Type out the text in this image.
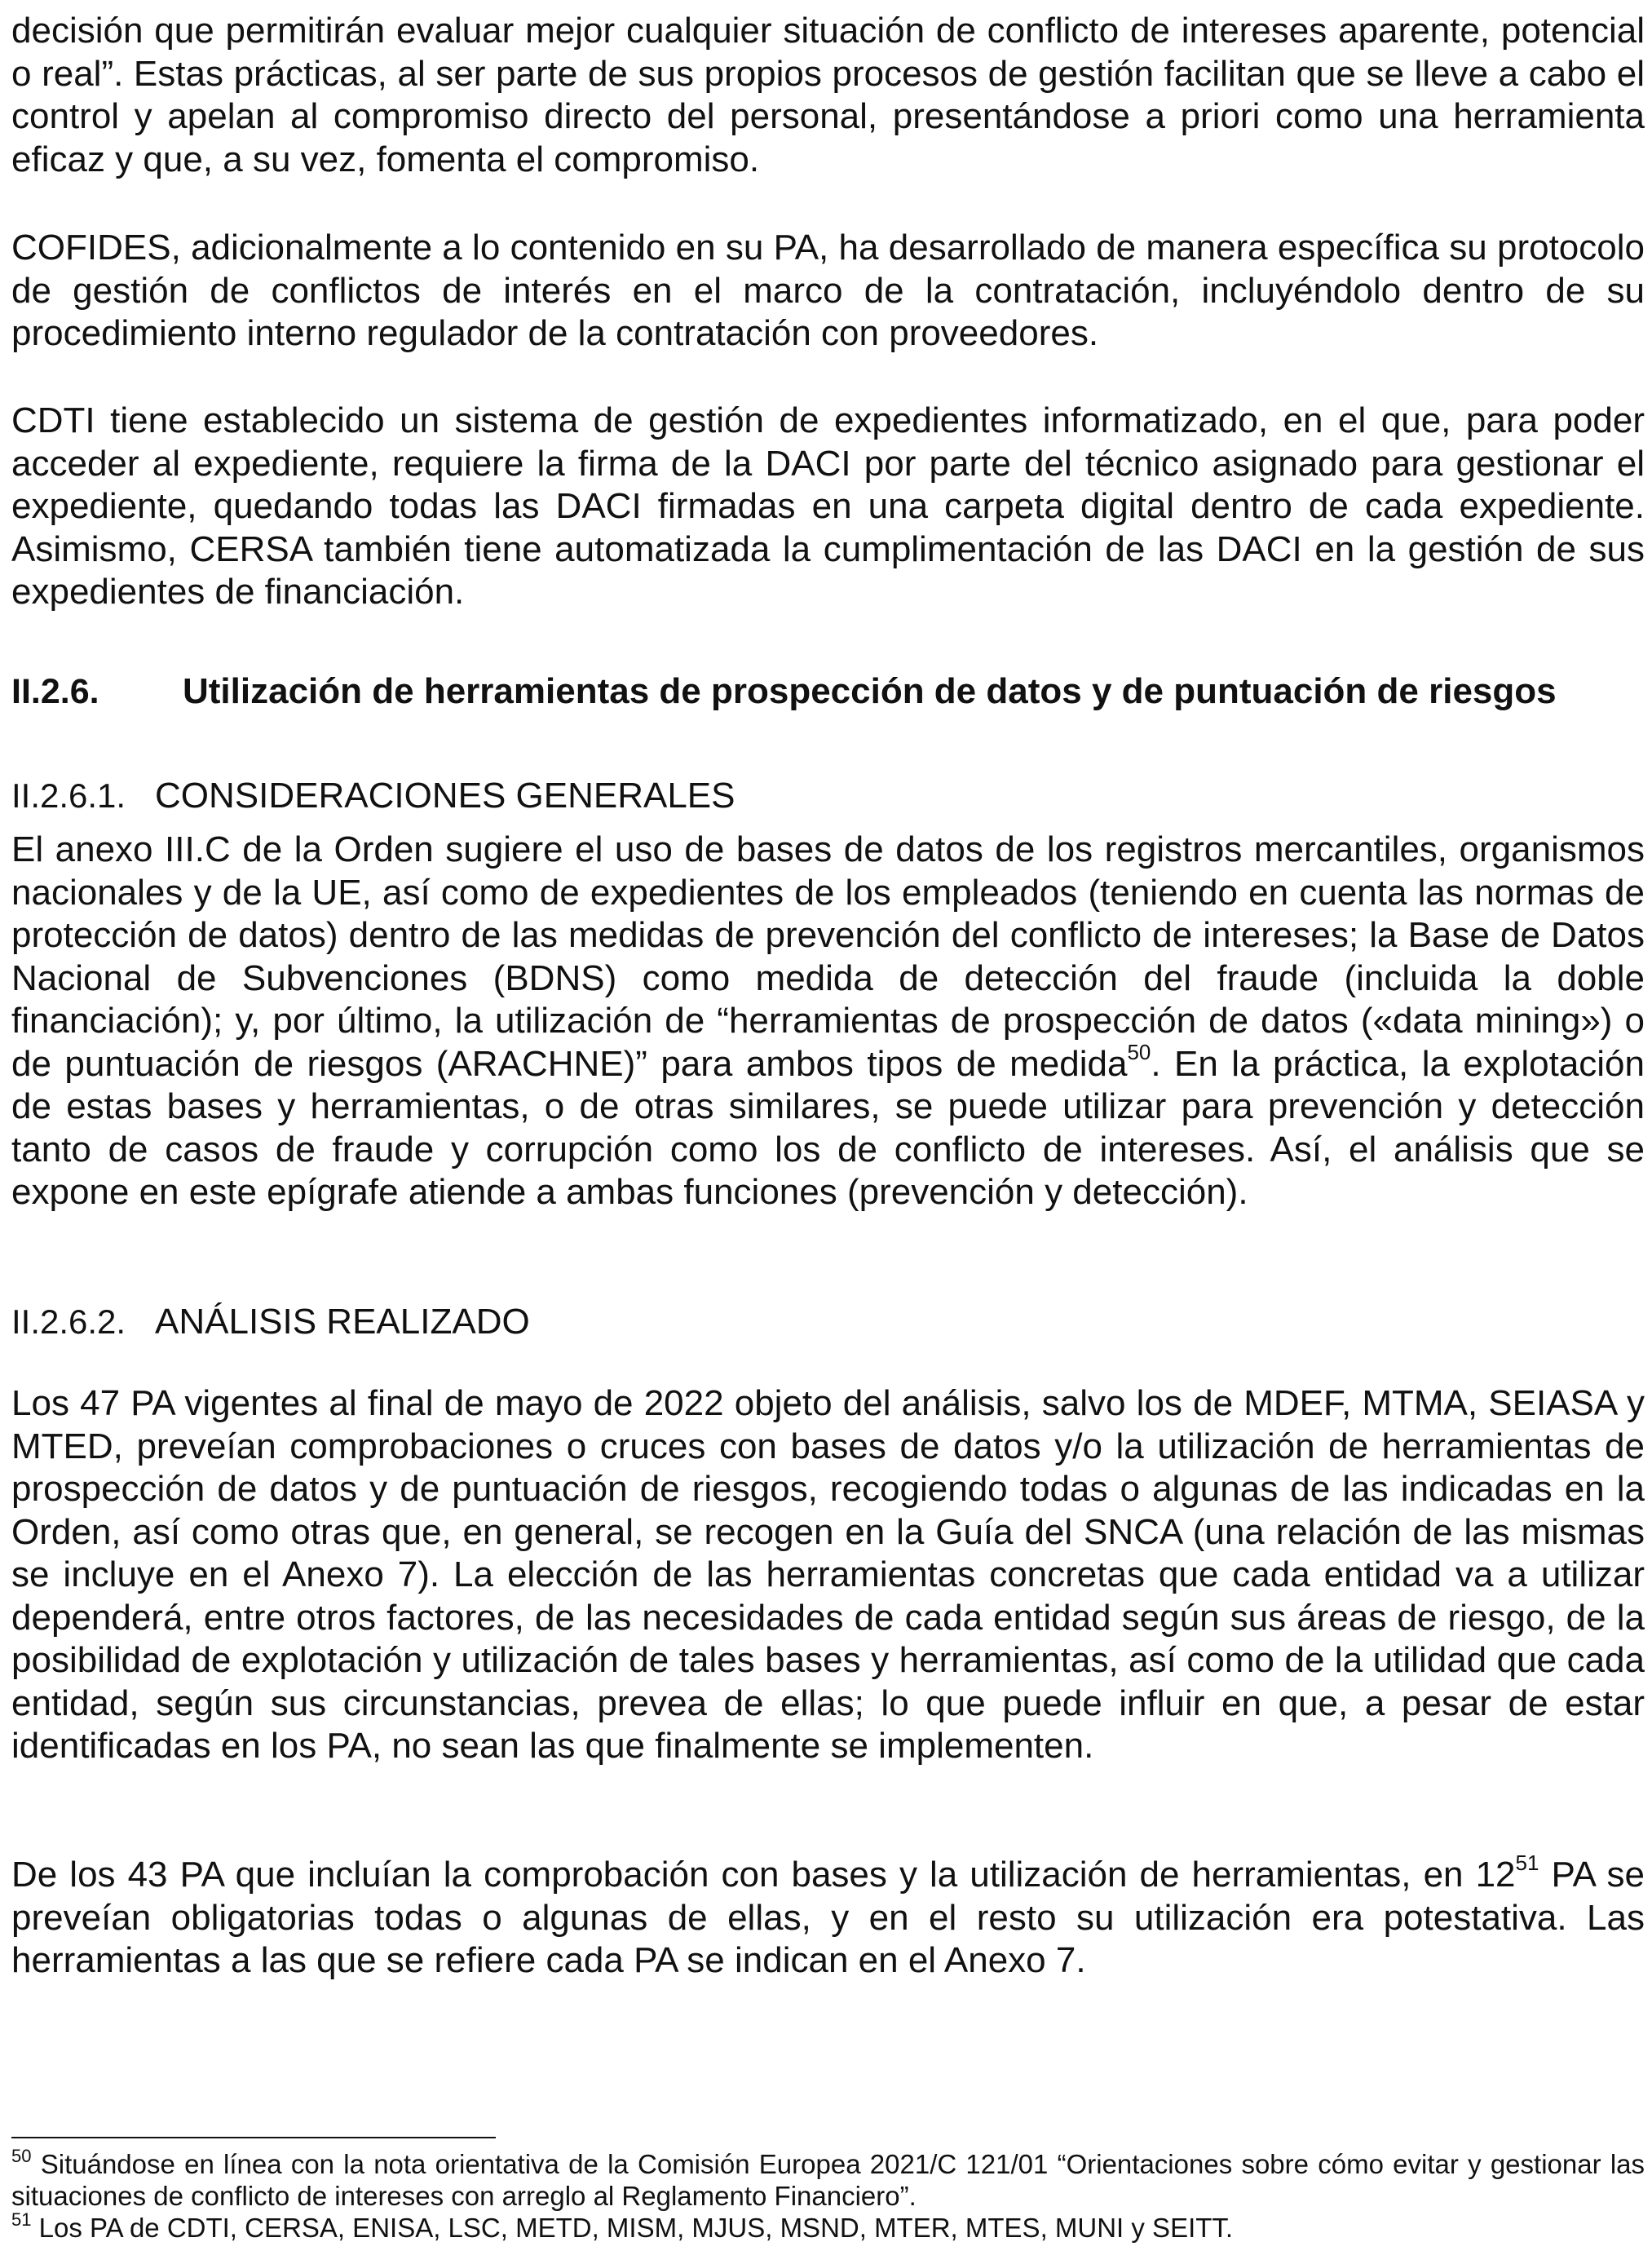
decisión que permitirán evaluar mejor cualquier situación de conflicto de intereses aparente, potencial o real”. Estas prácticas, al ser parte de sus propios procesos de gestión facilitan que se lleve a cabo el control y apelan al compromiso directo del personal, presentándose a priori como una herramienta eficaz y que, a su vez, fomenta el compromiso.

COFIDES, adicionalmente a lo contenido en su PA, ha desarrollado de manera específica su protocolo de gestión de conflictos de interés en el marco de la contratación, incluyéndolo dentro de su procedimiento interno regulador de la contratación con proveedores.

CDTI tiene establecido un sistema de gestión de expedientes informatizado, en el que, para poder acceder al expediente, requiere la firma de la DACI por parte del técnico asignado para gestionar el expediente, quedando todas las DACI firmadas en una carpeta digital dentro de cada expediente. Asimismo, CERSA también tiene automatizada la cumplimentación de las DACI en la gestión de sus expedientes de financiación.

II.2.6. Utilización de herramientas de prospección de datos y de puntuación de riesgos
II.2.6.1. CONSIDERACIONES GENERALES

El anexo III.C de la Orden sugiere el uso de bases de datos de los registros mercantiles, organismos nacionales y de la UE, así como de expedientes de los empleados (teniendo en cuenta las normas de protección de datos) dentro de las medidas de prevención del conflicto de intereses; la Base de Datos Nacional de Subvenciones (BDNS) como medida de detección del fraude (incluida la doble financiación); y, por último, la utilización de “herramientas de prospección de datos («data mining») o de puntuación de riesgos (ARACHNE)” para ambos tipos de medida$^{50}$. En la práctica, la explotación de estas bases y herramientas, o de otras similares, se puede utilizar para prevención y detección tanto de casos de fraude y corrupción como los de conflicto de intereses. Así, el análisis que se expone en este epígrafe atiende a ambas funciones (prevención y detección).

II.2.6.2. ANÁLISIS REALIZADO

Los 47 PA vigentes al final de mayo de 2022 objeto del análisis, salvo los de MDEF, MTMA, SEIASA y MTED, preveían comprobaciones o cruces con bases de datos y/o la utilización de herramientas de prospección de datos y de puntuación de riesgos, recogiendo todas o algunas de las indicadas en la Orden, así como otras que, en general, se recogen en la Guía del SNCA (una relación de las mismas se incluye en el Anexo 7). La elección de las herramientas concretas que cada entidad va a utilizar dependerá, entre otros factores, de las necesidades de cada entidad según sus áreas de riesgo, de la posibilidad de explotación y utilización de tales bases y herramientas, así como de la utilidad que cada entidad, según sus circunstancias, prevea de ellas; lo que puede influir en que, a pesar de estar identificadas en los PA, no sean las que finalmente se implementen.

De los 43 PA que incluían la comprobación con bases y la utilización de herramientas, en $12^{51}$ PA se preveían obligatorias todas o algunas de ellas, y en el resto su utilización era potestativa. Las herramientas a las que se refiere cada PA se indican en el Anexo 7.

$^{50}$ Situándose en línea con la nota orientativa de la Comisión Europea 2021/C 121/01 “Orientaciones sobre cómo evitar y gestionar las situaciones de conflicto de intereses con arreglo al Reglamento Financiero”.

$^{51}$ Los PA de CDTI, CERSA, ENISA, LSC, METD, MISM, MJUS, MSND, MTER, MTES, MUNI y SEITT.
